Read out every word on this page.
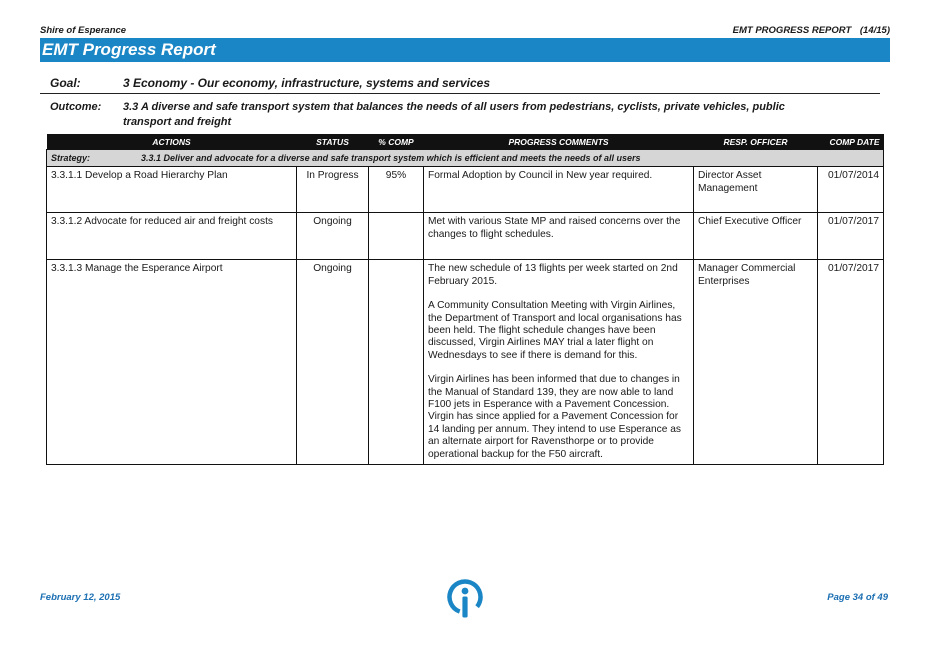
Shire of Esperance	EMT PROGRESS REPORT (14/15)
EMT Progress Report
Goal:	3 Economy - Our economy, infrastructure, systems and services
Outcome: 3.3 A diverse and safe transport system that balances the needs of all users from pedestrians, cyclists, private vehicles, public transport and freight
ACTIONS	STATUS	% COMP	PROGRESS COMMENTS	RESP. OFFICER	COMP DATE
Strategy: 3.3.1 Deliver and advocate for a diverse and safe transport system which is efficient and meets the needs of all users					
3.3.1.1 Develop a Road Hierarchy Plan	In Progress	95%	Formal Adoption by Council in New year required.	Director Asset Management	01/07/2014
3.3.1.2 Advocate for reduced air and freight costs	Ongoing		Met with various State MP and raised concerns over the changes to flight schedules.	Chief Executive Officer	01/07/2017
3.3.1.3 Manage the Esperance Airport	Ongoing		The new schedule of 13 flights per week started on 2nd February 2015.
A Community Consultation Meeting with Virgin Airlines, the Department of Transport and local organisations has been held. The flight schedule changes have been discussed, Virgin Airlines MAY trial a later flight on Wednesdays to see if there is demand for this.
Virgin Airlines has been informed that due to changes in the Manual of Standard 139, they are now able to land F100 jets in Esperance with a Pavement Concession. Virgin has since applied for a Pavement Concession for 14 landing per annum. They intend to use Esperance as an alternate airport for Ravensthorpe or to provide operational backup for the F50 aircraft.	Manager Commercial Enterprises	01/07/2017
February 12, 2015	Page 34 of 49
